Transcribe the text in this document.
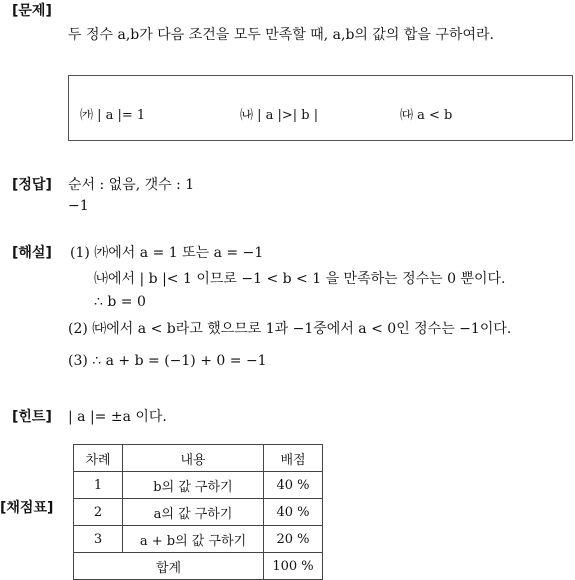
[문제]
두 정수 a,b가 다음 조건을 모두 만족할 때, a,b의 값의 합을 구하여라.
㈎ | a |= 1	㈏ | a |>| b |	㈐ a < b
[정답] 순서 : 없음, 갯수 : 1
−1
[해설] (1) ㈎에서 a = 1 또는 a = −1
㈏에서 | b |< 1 이므로 −1 < b < 1 을 만족하는 정수는 0 뿐이다.
∴ b = 0
(2) ㈐에서 a < b라고 했으므로 1과 −1중에서 a < 0인 정수는 −1이다.
(3) ∴ a + b = (−1) + 0 = −1
[힌트] | a |= ±a 이다.
[채점표]
차례	내용	배점
1	b의 값 구하기	40 %
2	a의 값 구하기	40 %
3	a + b의 값 구하기	20 %
합계		100 %
